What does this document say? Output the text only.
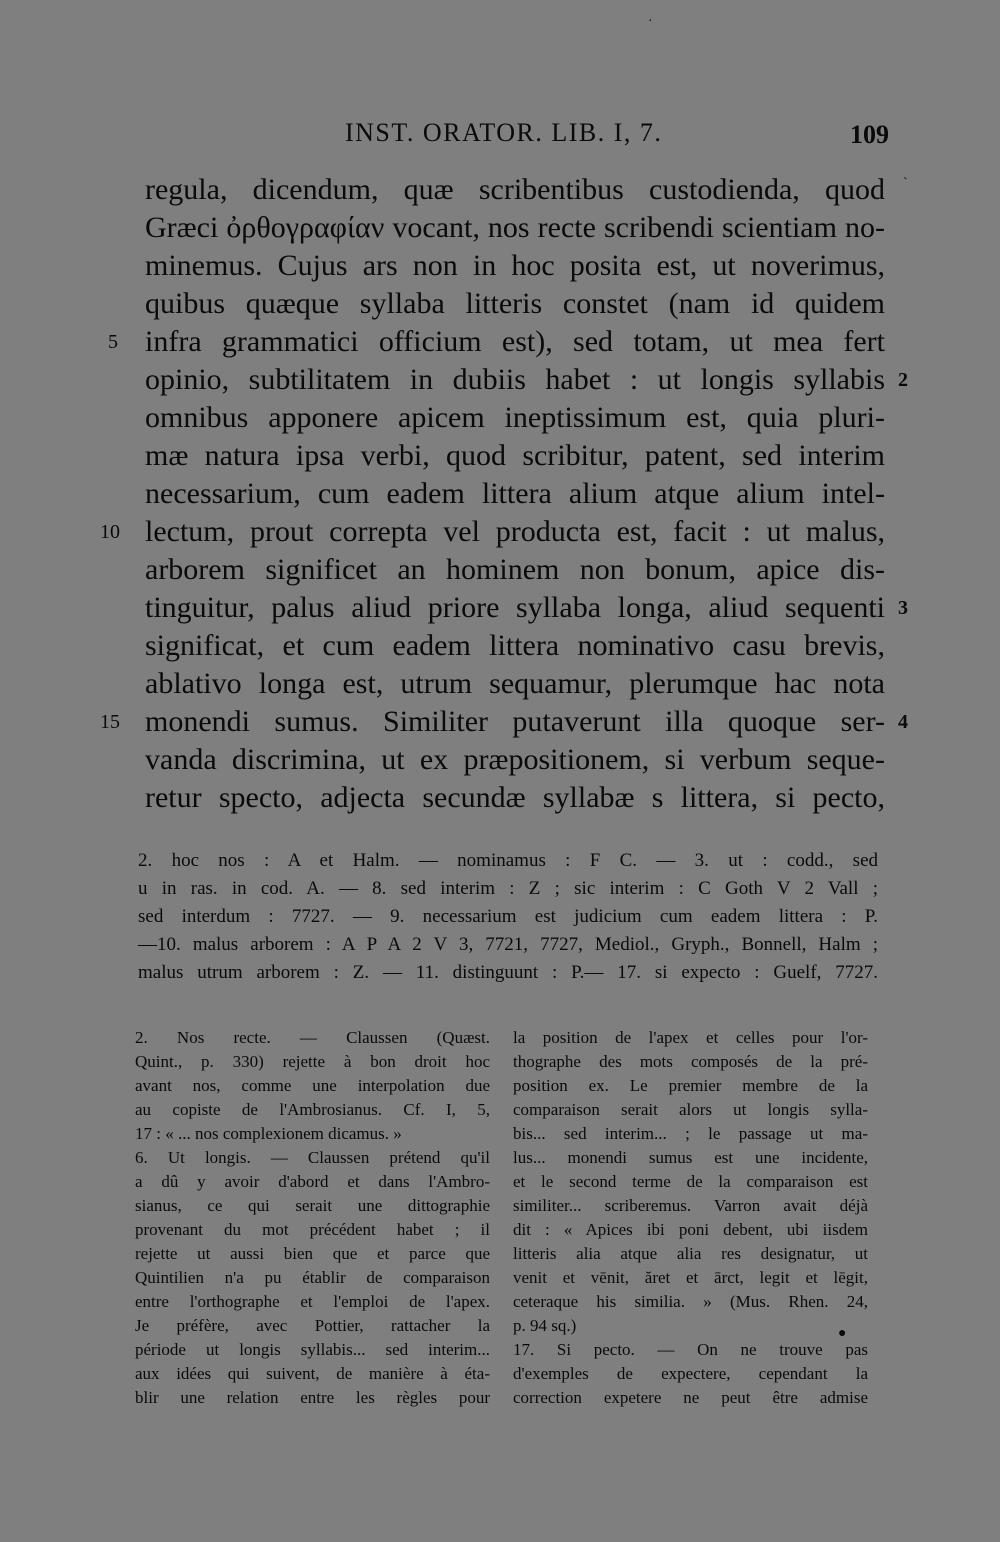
INST. ORATOR. LIB. I, 7.	109
regula, dicendum, quæ scribentibus custodienda, quod
Græci ὀρθογραφίαν vocant, nos recte scribendi scientiam no-
minemus. Cujus ars non in hoc posita est, ut noverimus,
quibus quæque syllaba litteris constet (nam id quidem
infra grammatici officium est), sed totam, ut mea fert
opinio, subtilitatem in dubiis habet : ut longis syllabis
omnibus apponere apicem ineptissimum est, quia pluri-
mæ natura ipsa verbi, quod scribitur, patent, sed interim
necessarium, cum eadem littera alium atque alium intel-
lectum, prout correpta vel producta est, facit : ut malus,
arborem significet an hominem non bonum, apice dis-
tinguitur, palus aliud priore syllaba longa, aliud sequenti
significat, et cum eadem littera nominativo casu brevis,
ablativo longa est, utrum sequamur, plerumque hac nota
monendi sumus. Similiter putaverunt illa quoque ser-
vanda discrimina, ut ex præpositionem, si verbum seque-
retur specto, adjecta secundæ syllabæ s littera, si pecto,
5
10
15
2
3
4
2. hoc nos : A et Halm. — nominamus : F C. — 3. ut : codd., sed
u in ras. in cod. A. — 8. sed interim : Z ; sic interim : C Goth V 2 Vall ;
sed interdum : 7727. — 9. necessarium est judicium cum eadem littera : P.
—10. malus arborem : A P A 2 V 3, 7721, 7727, Mediol., Gryph., Bonnell, Halm ;
malus utrum arborem : Z. — 11. distinguunt : P.— 17. si expecto : Guelf, 7727.
2. Nos recte. — Claussen (Quæst.
Quint., p. 330) rejette à bon droit hoc
avant nos, comme une interpolation due
au copiste de l'Ambrosianus. Cf. I, 5,
17 : « ... nos complexionem dicamus. »
6. Ut longis. — Claussen prétend qu'il
a dû y avoir d'abord et dans l'Ambro-
sianus, ce qui serait une dittographie
provenant du mot précédent habet ; il
rejette ut aussi bien que et parce que
Quintilien n'a pu établir de comparaison
entre l'orthographe et l'emploi de l'apex.
Je préfère, avec Pottier, rattacher la
période ut longis syllabis... sed interim...
aux idées qui suivent, de manière à éta-
blir une relation entre les règles pour
la position de l'apex et celles pour l'or-
thographe des mots composés de la pré-
position ex. Le premier membre de la
comparaison serait alors ut longis sylla-
bis... sed interim... ; le passage ut ma-
lus... monendi sumus est une incidente,
et le second terme de la comparaison est
similiter... scriberemus. Varron avait déjà
dit : « Apices ibi poni debent, ubi iisdem
litteris alia atque alia res designatur, ut
venit et vēnit, ăret et ārct, legit et lēgit,
ceteraque his similia. » (Mus. Rhen. 24,
p. 94 sq.)
17. Si pecto. — On ne trouve pas
d'exemples de expectere, cependant la
correction expetere ne peut être admise
·
ˋ
●
